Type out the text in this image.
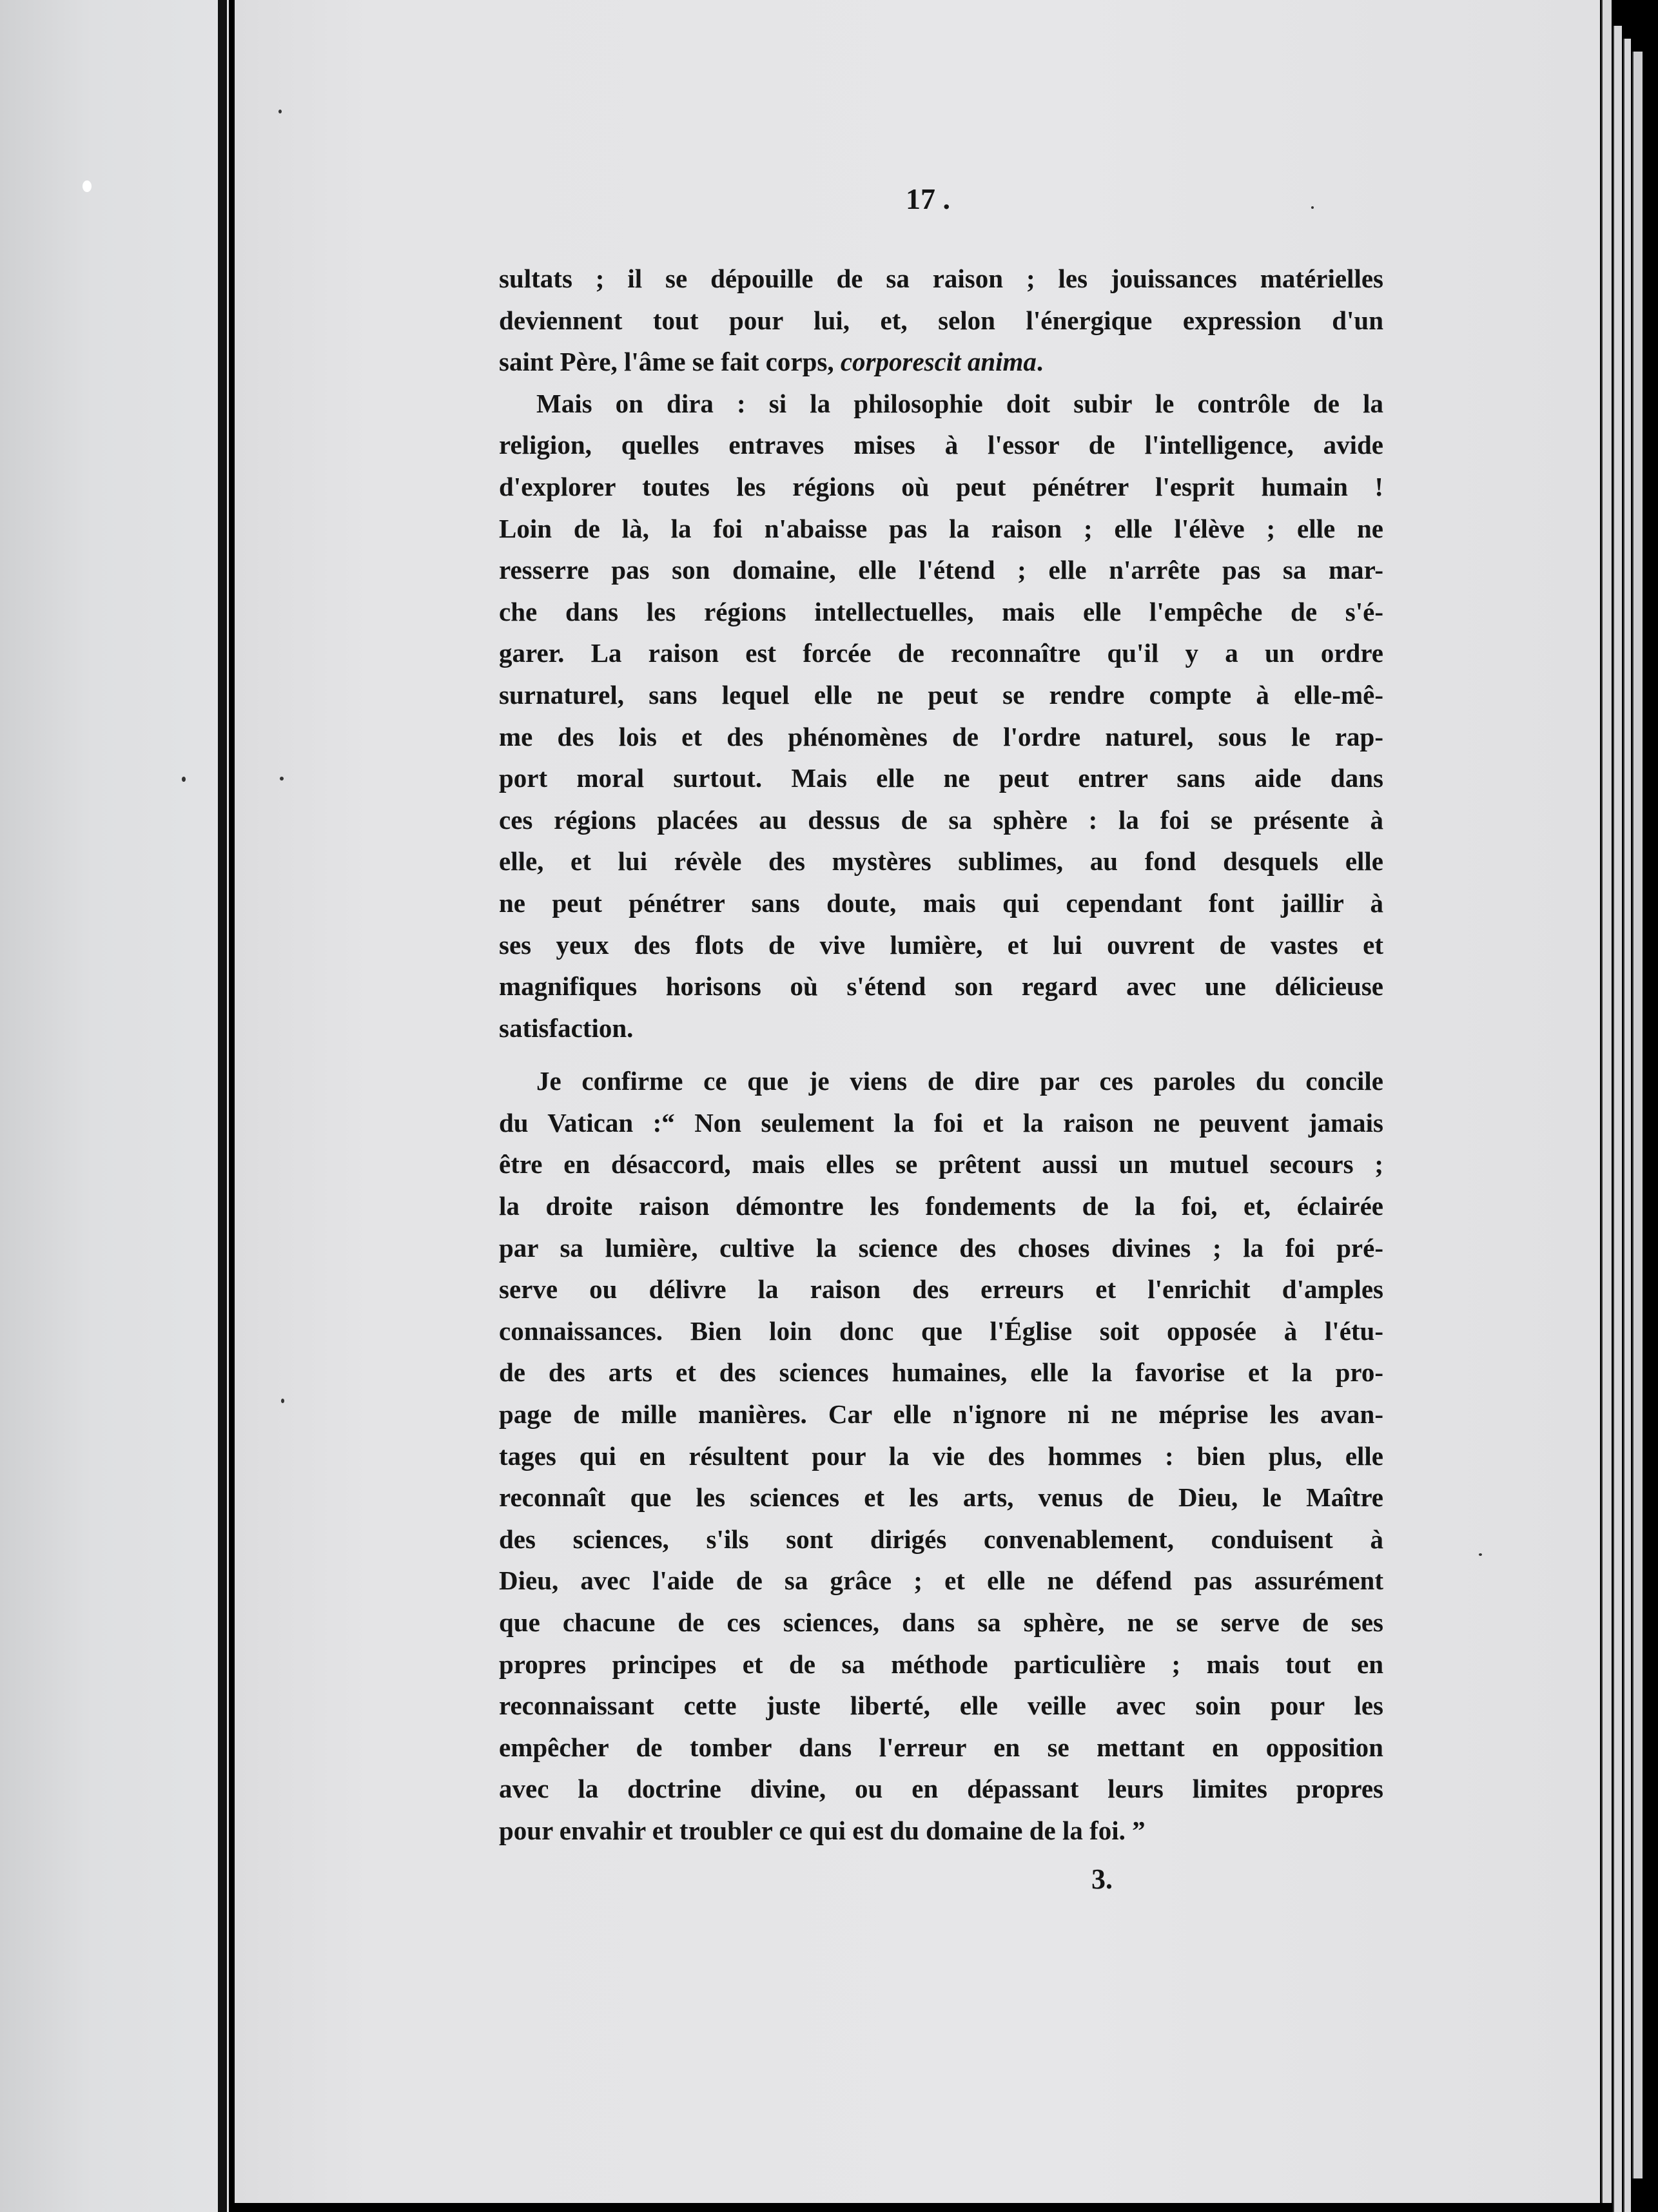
17 .

sultats ; il se dépouille de sa raison ; les jouissances matérielles
deviennent tout pour lui, et, selon l'énergique expression d'un
saint Père, l'âme se fait corps, corporescit anima.

Mais on dira : si la philosophie doit subir le contrôle de la
religion, quelles entraves mises à l'essor de l'intelligence, avide
d'explorer toutes les régions où peut pénétrer l'esprit humain !
Loin de là, la foi n'abaisse pas la raison ; elle l'élève ; elle ne
resserre pas son domaine, elle l'étend ; elle n'arrête pas sa mar-
che dans les régions intellectuelles, mais elle l'empêche de s'é-
garer. La raison est forcée de reconnaître qu'il y a un ordre
surnaturel, sans lequel elle ne peut se rendre compte à elle-mê-
me des lois et des phénomènes de l'ordre naturel, sous le rap-
port moral surtout. Mais elle ne peut entrer sans aide dans
ces régions placées au dessus de sa sphère : la foi se présente à
elle, et lui révèle des mystères sublimes, au fond desquels elle
ne peut pénétrer sans doute, mais qui cependant font jaillir à
ses yeux des flots de vive lumière, et lui ouvrent de vastes et
magnifiques horisons où s'étend son regard avec une délicieuse
satisfaction.

Je confirme ce que je viens de dire par ces paroles du concile
du Vatican :“ Non seulement la foi et la raison ne peuvent jamais
être en désaccord, mais elles se prêtent aussi un mutuel secours ;
la droite raison démontre les fondements de la foi, et, éclairée
par sa lumière, cultive la science des choses divines ; la foi pré-
serve ou délivre la raison des erreurs et l'enrichit d'amples
connaissances. Bien loin donc que l'Église soit opposée à l'étu-
de des arts et des sciences humaines, elle la favorise et la pro-
page de mille manières. Car elle n'ignore ni ne méprise les avan-
tages qui en résultent pour la vie des hommes : bien plus, elle
reconnaît que les sciences et les arts, venus de Dieu, le Maître
des sciences, s'ils sont dirigés convenablement, conduisent à
Dieu, avec l'aide de sa grâce ; et elle ne défend pas assurément
que chacune de ces sciences, dans sa sphère, ne se serve de ses
propres principes et de sa méthode particulière ; mais tout en
reconnaissant cette juste liberté, elle veille avec soin pour les
empêcher de tomber dans l'erreur en se mettant en opposition
avec la doctrine divine, ou en dépassant leurs limites propres
pour envahir et troubler ce qui est du domaine de la foi. ”

3.
